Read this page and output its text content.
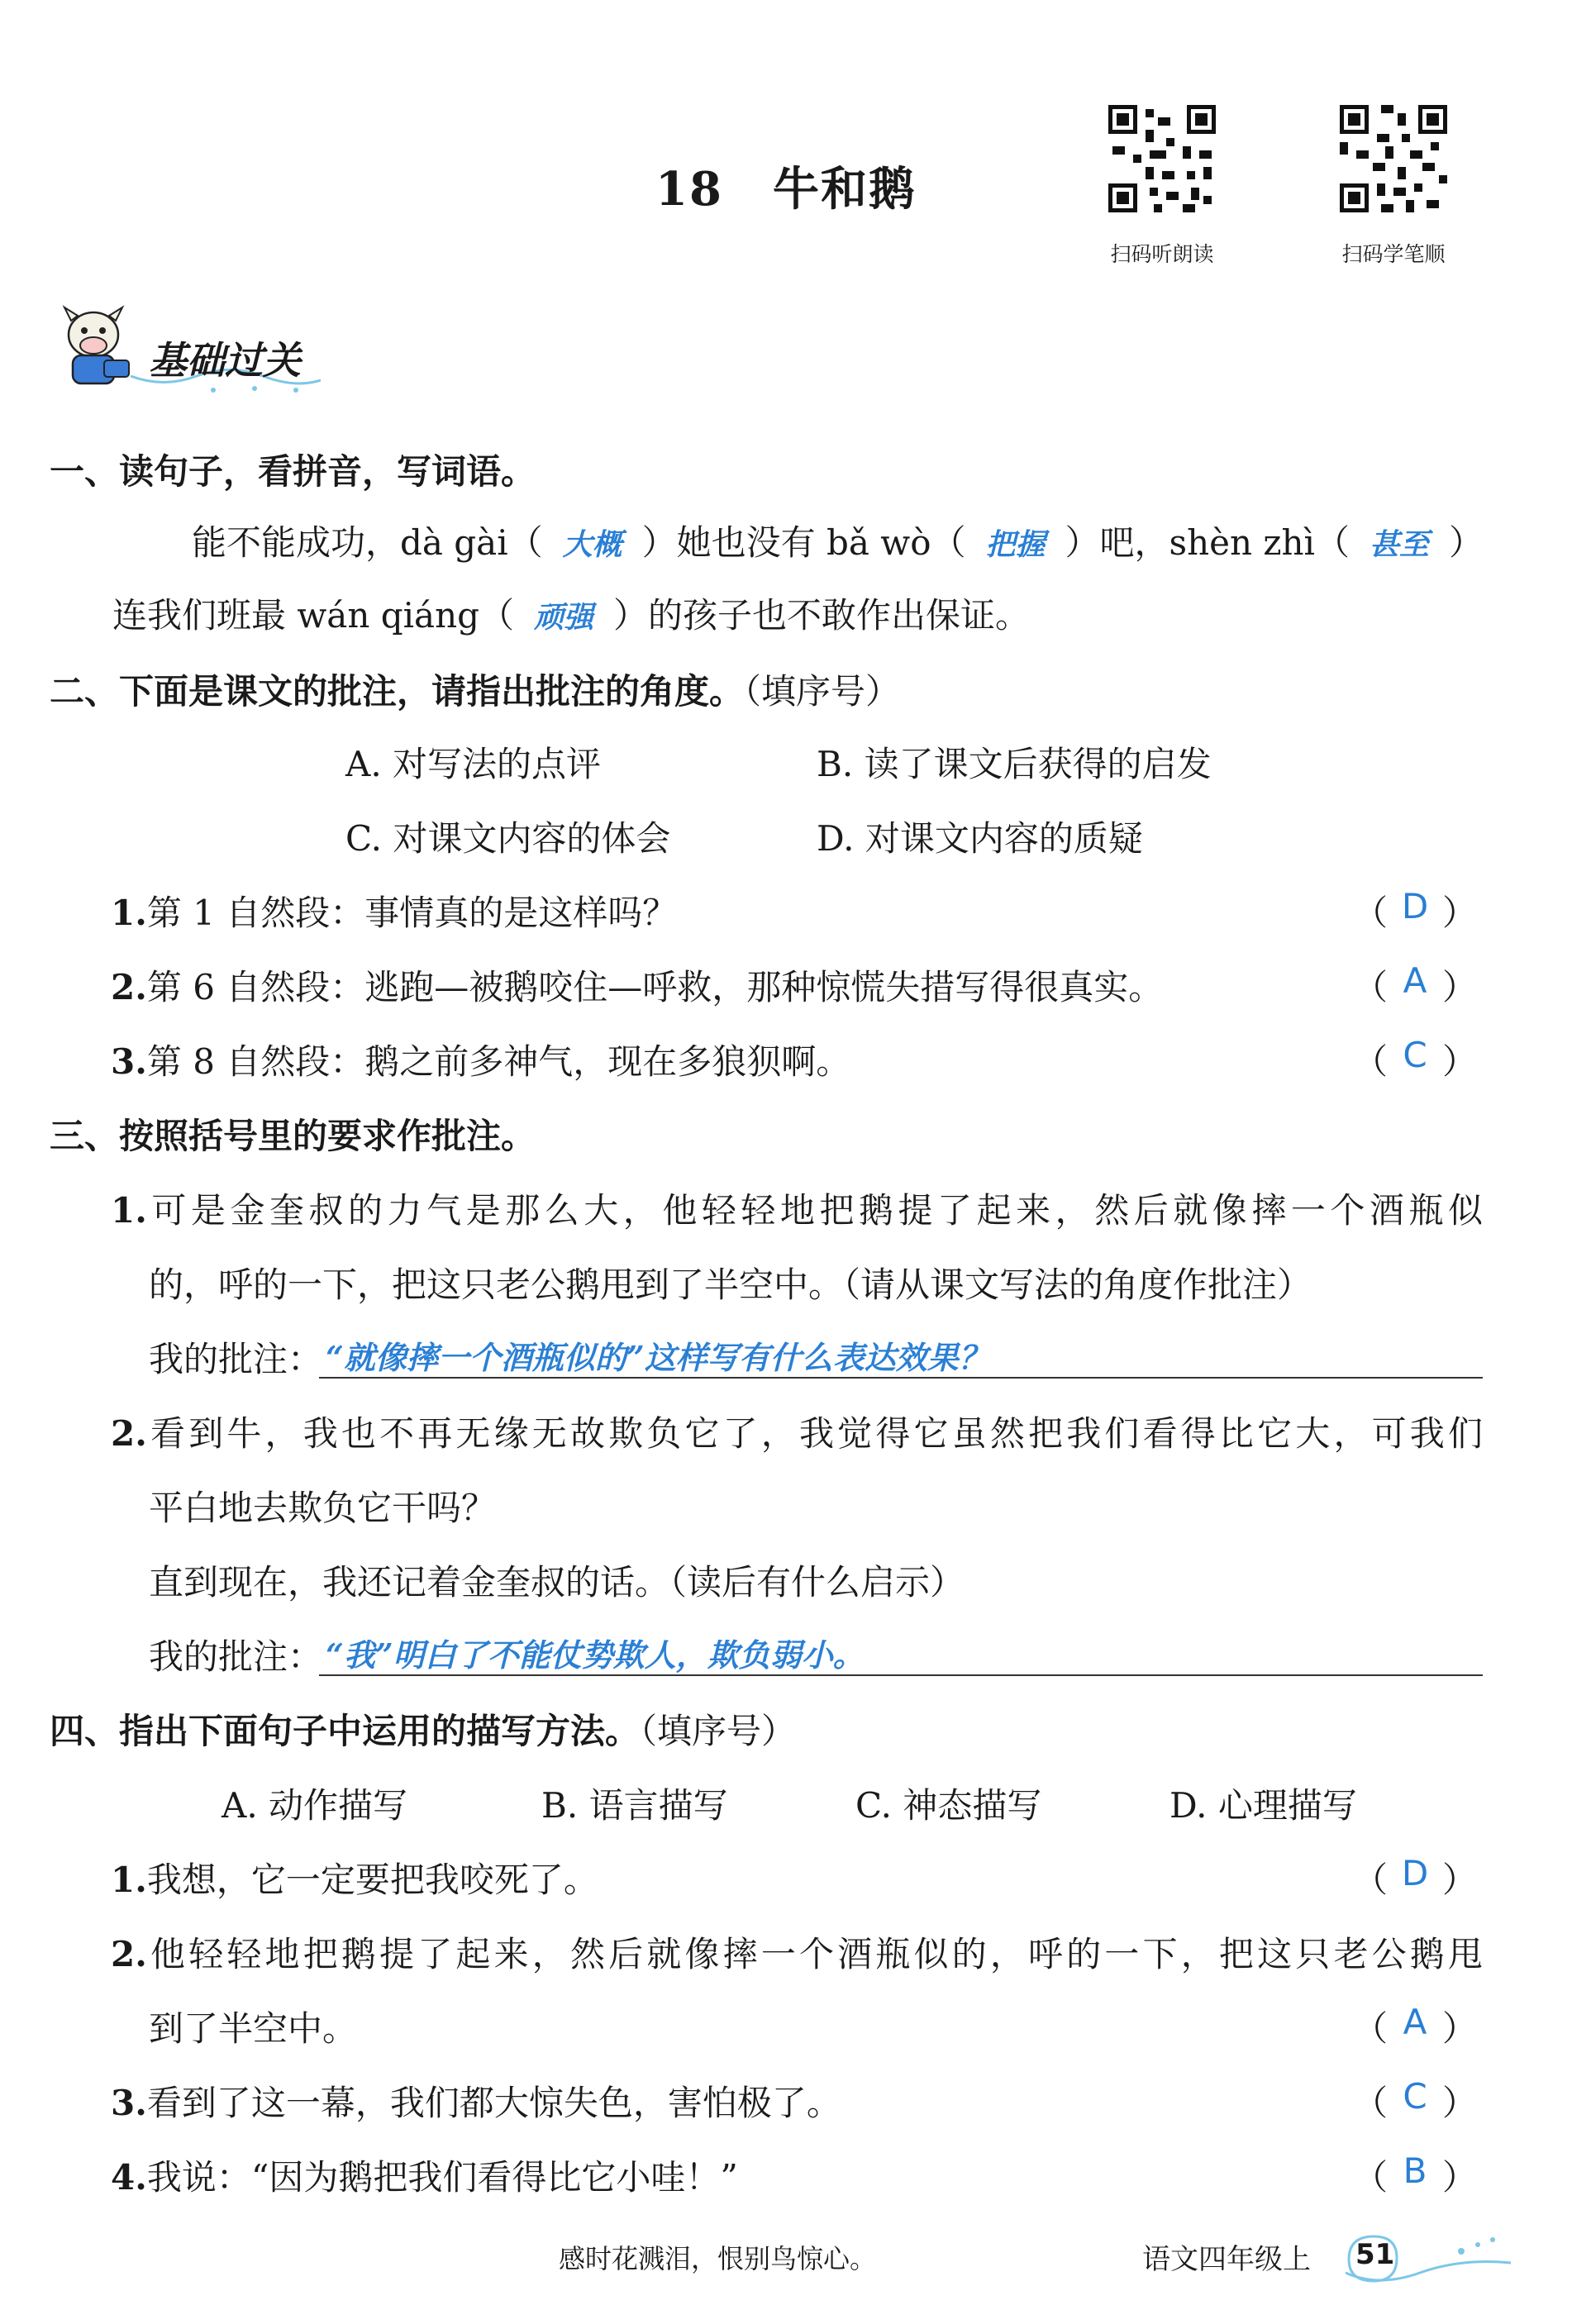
18 牛和鹅
扫码听朗读	扫码学笔顺
基础过关
一、读句子，看拼音，写词语。
能不能成功，dà gài（ 大概 ）她也没有 bǎ wò（ 把握 ）吧，shèn zhì（ 甚至 ）
连我们班最 wán qiáng（ 顽强 ）的孩子也不敢作出保证。
二、下面是课文的批注，请指出批注的角度。（填序号）
A. 对写法的点评	B. 读了课文后获得的启发
C. 对课文内容的体会	D. 对课文内容的质疑
1.第 1 自然段：事情真的是这样吗？	（ D ）
2.第 6 自然段：逃跑—被鹅咬住—呼救，那种惊慌失措写得很真实。	（ A ）
3.第 8 自然段：鹅之前多神气，现在多狼狈啊。	（ C ）
三、按照括号里的要求作批注。
1.可是金奎叔的力气是那么大，他轻轻地把鹅提了起来，然后就像摔一个酒瓶似
的，呼的一下，把这只老公鹅甩到了半空中。（请从课文写法的角度作批注）
我的批注： “就像摔一个酒瓶似的”这样写有什么表达效果？
2.看到牛，我也不再无缘无故欺负它了，我觉得它虽然把我们看得比它大，可我们
平白地去欺负它干吗？
直到现在，我还记着金奎叔的话。（读后有什么启示）
我的批注： “我”明白了不能仗势欺人，欺负弱小。
四、指出下面句子中运用的描写方法。（填序号）
A. 动作描写	B. 语言描写	C. 神态描写	D. 心理描写
1.我想，它一定要把我咬死了。	（ D ）
2.他轻轻地把鹅提了起来，然后就像摔一个酒瓶似的，呼的一下，把这只老公鹅甩
到了半空中。	（ A ）
3.看到了这一幕，我们都大惊失色，害怕极了。	（ C ）
4.我说：“因为鹅把我们看得比它小哇！”	（ B ）
感时花溅泪，恨别鸟惊心。	语文四年级上 51
